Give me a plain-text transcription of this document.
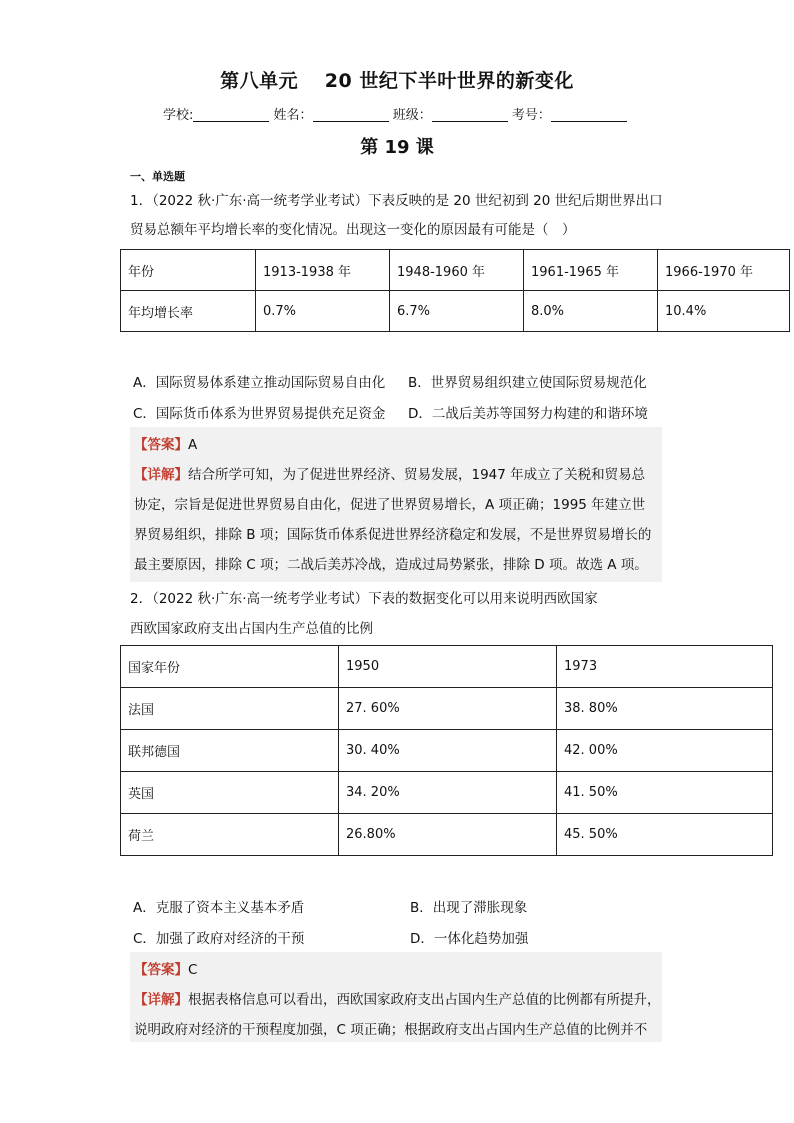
第八单元 　20 世纪下半叶世界的新变化
学校:	姓名：	班级：	考号：
第 19 课
一、单选题
1．（2022 秋·广东·高一统考学业考试）下表反映的是 20 世纪初到 20 世纪后期世界出口
贸易总额年平均增长率的变化情况。出现这一变化的原因最有可能是（　）
年份	1913-1938 年	1948-1960 年	1961-1965 年	1966-1970 年
年均增长率	0.7%	6.7%	8.0%	10.4%
A．国际贸易体系建立推动国际贸易自由化 B．世界贸易组织建立使国际贸易规范化
C．国际货币体系为世界贸易提供充足资金 D．二战后美苏等国努力构建的和谐环境
【答案】A
【详解】结合所学可知，为了促进世界经济、贸易发展，1947 年成立了关税和贸易总
协定，宗旨是促进世界贸易自由化，促进了世界贸易增长，A 项正确；1995 年建立世
界贸易组织，排除 B 项；国际货币体系促进世界经济稳定和发展，不是世界贸易增长的
最主要原因，排除 C 项；二战后美苏冷战，造成过局势紧张，排除 D 项。故选 A 项。
2．（2022 秋·广东·高一统考学业考试）下表的数据变化可以用来说明西欧国家
西欧国家政府支出占国内生产总值的比例
国家年份	1950	1973
法国	27. 60%	38. 80%
联邦德国	30. 40%	42. 00%
英国	34. 20%	41. 50%
荷兰	26.80%	45. 50%
A．克服了资本主义基本矛盾	B．出现了滞胀现象
C．加强了政府对经济的干预	D．一体化趋势加强
【答案】C
【详解】根据表格信息可以看出，西欧国家政府支出占国内生产总值的比例都有所提升，
说明政府对经济的干预程度加强，C 项正确；根据政府支出占国内生产总值的比例并不
